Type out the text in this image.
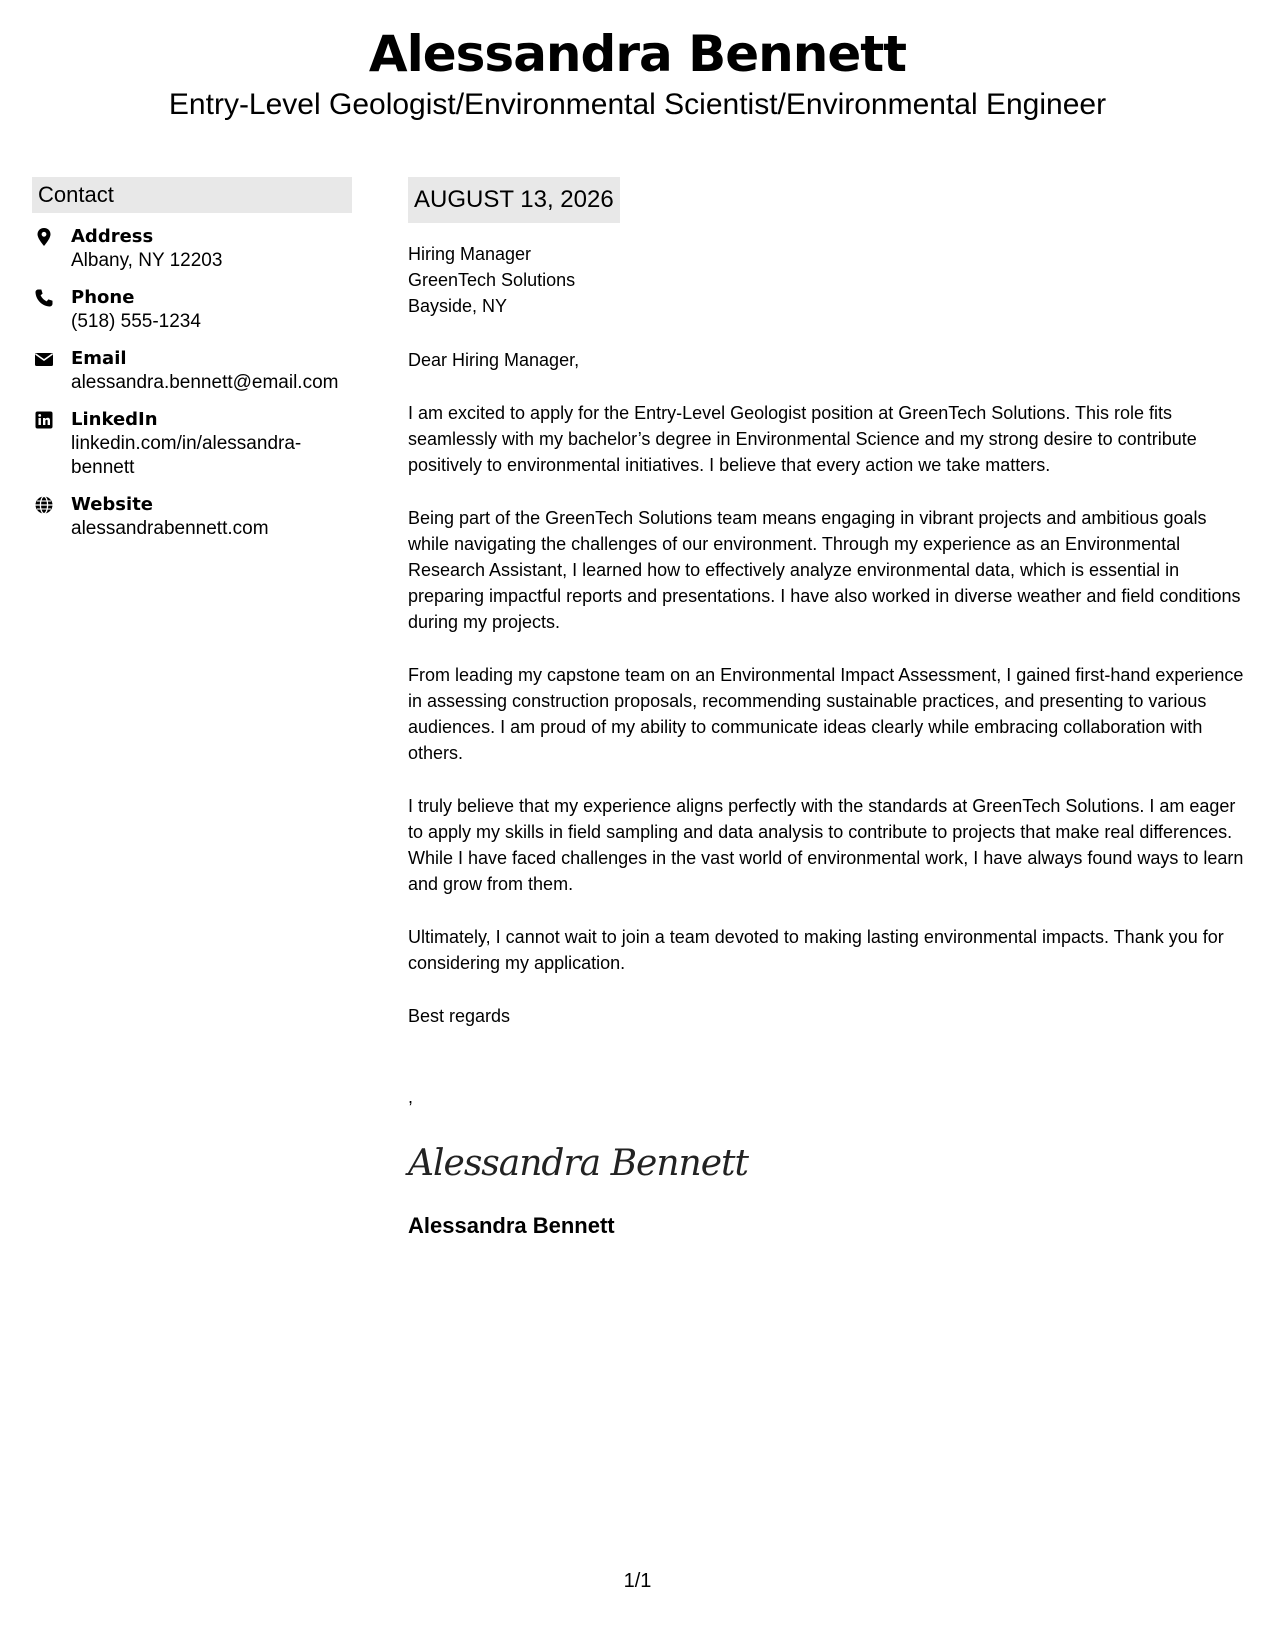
Alessandra Bennett
Entry-Level Geologist/Environmental Scientist/Environmental Engineer
Contact
Address
Albany, NY 12203
Phone
(518) 555-1234
Email
alessandra.bennett@email.com
LinkedIn
linkedin.com/in/alessandra-bennett
Website
alessandrabennett.com
AUGUST 13, 2026
Hiring Manager
GreenTech Solutions
Bayside, NY

Dear Hiring Manager,

I am excited to apply for the Entry-Level Geologist position at GreenTech Solutions. This role fits seamlessly with my bachelor’s degree in Environmental Science and my strong desire to contribute positively to environmental initiatives. I believe that every action we take matters.

Being part of the GreenTech Solutions team means engaging in vibrant projects and ambitious goals while navigating the challenges of our environment. Through my experience as an Environmental Research Assistant, I learned how to effectively analyze environmental data, which is essential in preparing impactful reports and presentations. I have also worked in diverse weather and field conditions during my projects.

From leading my capstone team on an Environmental Impact Assessment, I gained first-hand experience in assessing construction proposals, recommending sustainable practices, and presenting to various audiences. I am proud of my ability to communicate ideas clearly while embracing collaboration with others.

I truly believe that my experience aligns perfectly with the standards at GreenTech Solutions. I am eager to apply my skills in field sampling and data analysis to contribute to projects that make real differences. While I have faced challenges in the vast world of environmental work, I have always found ways to learn and grow from them.

Ultimately, I cannot wait to join a team devoted to making lasting environmental impacts. Thank you for considering my application.

Best regards

,

Alessandra Bennett
Alessandra Bennett
1/1
